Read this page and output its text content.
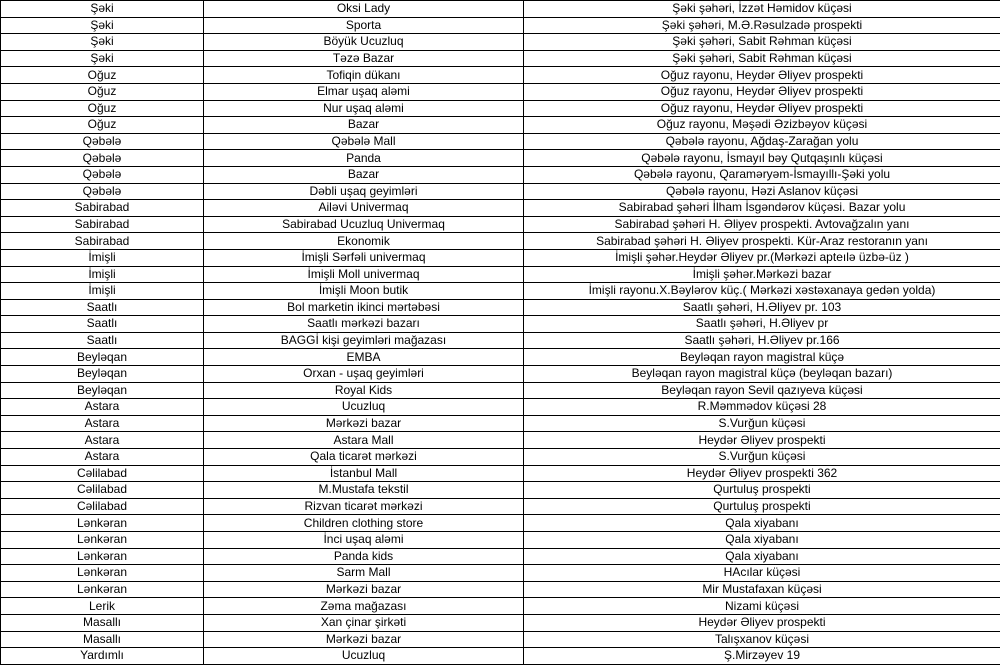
Şəki	Oksi Lady	Şəki şəhəri, İzzət Həmidov küçəsi
Şəki	Sporta	Şəki şəhəri, M.Ə.Rəsulzadə prospekti
Şəki	Böyük Ucuzluq	Şəki şəhəri, Sabit Rəhman küçəsi
Şəki	Təzə Bazar	Şəki şəhəri, Sabit Rəhman küçəsi
Oğuz	Tofiqin dükanı	Oğuz rayonu, Heydər Əliyev prospekti
Oğuz	Elmar uşaq aləmi	Oğuz rayonu, Heydər Əliyev prospekti
Oğuz	Nur uşaq aləmi	Oğuz rayonu, Heydər Əliyev prospekti
Oğuz	Bazar	Oğuz rayonu, Məşədi Əzizbəyov küçəsi
Qəbələ	Qəbələ Mall	Qəbələ rayonu, Ağdaş-Zarağan yolu
Qəbələ	Panda	Qəbələ rayonu, İsmayıl bəy Qutqaşınlı küçəsi
Qəbələ	Bazar	Qəbələ rayonu, Qaraməryəm-İsmayıllı-Şəki yolu
Qəbələ	Dəbli uşaq geyimləri	Qəbələ rayonu, Həzi Aslanov küçəsi
Sabirabad	Ailəvi Univermaq	Sabirabad şəhəri İlham İsgəndərov küçəsi. Bazar yolu
Sabirabad	Sabirabad Ucuzluq Univermaq	Sabirabad şəhəri H. Əliyev prospekti. Avtovağzalın yanı
Sabirabad	Ekonomik	Sabirabad şəhəri H. Əliyev prospekti. Kür-Araz restoranın yanı
İmişli	İmişli Sərfəli univermaq	İmişli şəhər.Heydər Əliyev pr.(Mərkəzi apteılə üzbə-üz )
İmişli	İmişli Moll univermaq	İmişli şəhər.Mərkəzi bazar
İmişli	İmişli Moon butik	İmişli rayonu.X.Bəylərov küç.( Mərkəzi xəstəxanaya gedən yolda)
Saatlı	Bol marketin ikinci mərtəbəsi	Saatlı şəhəri, H.Əliyev pr. 103
Saatlı	Saatlı mərkəzi bazarı	Saatlı şəhəri, H.Əliyev pr
Saatlı	BAGGİ kişi geyimləri mağazası	Saatlı şəhəri, H.Əliyev pr.166
Beyləqan	EMBA	Beyləqan rayon magistral küçə
Beyləqan	Orxan - uşaq geyimləri	Beyləqan rayon magistral küçə (beyləqan bazarı)
Beyləqan	Royal Kids	Beyləqan rayon Sevil qazıyeva küçəsi
Astara	Ucuzluq	R.Məmmədov küçəsi 28
Astara	Mərkəzi bazar	S.Vurğun küçəsi
Astara	Astara Mall	Heydər Əliyev prospekti
Astara	Qala ticarət mərkəzi	S.Vurğun küçəsi
Cəlilabad	İstanbul Mall	Heydər Əliyev prospekti 362
Cəlilabad	M.Mustafa tekstil	Qurtuluş prospekti
Cəlilabad	Rizvan ticarət mərkəzi	Qurtuluş prospekti
Lənkəran	Children clothing store	Qala xiyabanı
Lənkəran	İnci uşaq aləmi	Qala xiyabanı
Lənkəran	Panda kids	Qala xiyabanı
Lənkəran	Sarm Mall	HAcılar küçəsi
Lənkəran	Mərkəzi bazar	Mir Mustafaxan küçəsi
Lerik	Zəma mağazası	Nizami küçəsi
Masallı	Xan çinar şirkəti	Heydər Əliyev prospekti
Masallı	Mərkəzi bazar	Talışxanov küçəsi
Yardımlı	Ucuzluq	Ş.Mirzəyev 19
